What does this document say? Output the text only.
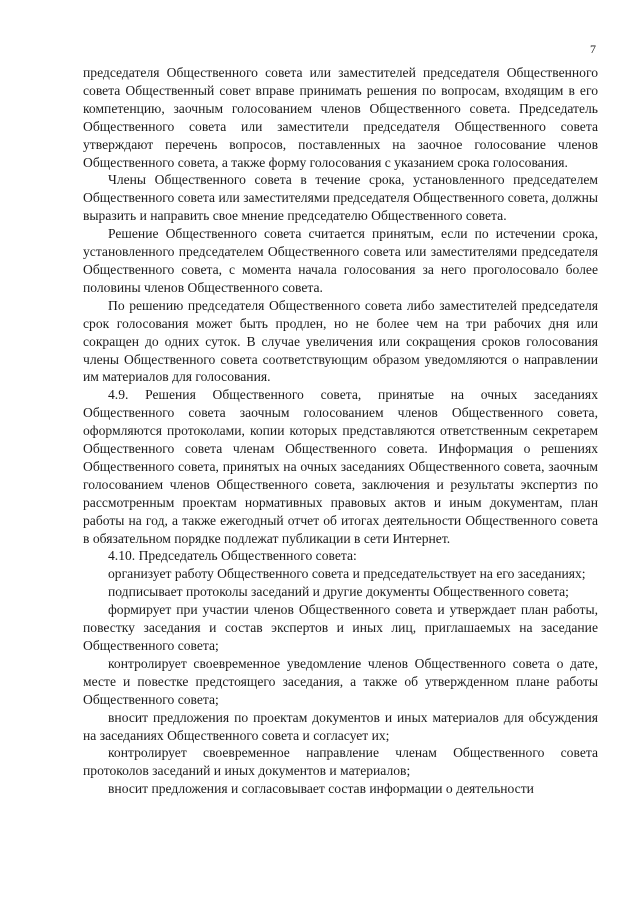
7

председателя Общественного совета или заместителей председателя Общественного совета Общественный совет вправе принимать решения по вопросам, входящим в его компетенцию, заочным голосованием членов Общественного совета. Председатель Общественного совета или заместители председателя Общественного совета утверждают перечень вопросов, поставленных на заочное голосование членов Общественного совета, а также форму голосования с указанием срока голосования.

Члены Общественного совета в течение срока, установленного председателем Общественного совета или заместителями председателя Общественного совета, должны выразить и направить свое мнение председателю Общественного совета.

Решение Общественного совета считается принятым, если по истечении срока, установленного председателем Общественного совета или заместителями председателя Общественного совета, с момента начала голосования за него проголосовало более половины членов Общественного совета.

По решению председателя Общественного совета либо заместителей председателя срок голосования может быть продлен, но не более чем на три рабочих дня или сокращен до одних суток. В случае увеличения или сокращения сроков голосования члены Общественного совета соответствующим образом уведомляются о направлении им материалов для голосования.

4.9. Решения Общественного совета, принятые на очных заседаниях Общественного совета заочным голосованием членов Общественного совета, оформляются протоколами, копии которых представляются ответственным секретарем Общественного совета членам Общественного совета. Информация о решениях Общественного совета, принятых на очных заседаниях Общественного совета, заочным голосованием членов Общественного совета, заключения и результаты экспертиз по рассмотренным проектам нормативных правовых актов и иным документам, план работы на год, а также ежегодный отчет об итогах деятельности Общественного совета в обязательном порядке подлежат публикации в сети Интернет.

4.10. Председатель Общественного совета:

организует работу Общественного совета и председательствует на его заседаниях;

подписывает протоколы заседаний и другие документы Общественного совета;

формирует при участии членов Общественного совета и утверждает план работы, повестку заседания и состав экспертов и иных лиц, приглашаемых на заседание Общественного совета;

контролирует своевременное уведомление членов Общественного совета о дате, месте и повестке предстоящего заседания, а также об утвержденном плане работы Общественного совета;

вносит предложения по проектам документов и иных материалов для обсуждения на заседаниях Общественного совета и согласует их;

контролирует своевременное направление членам Общественного совета протоколов заседаний и иных документов и материалов;

вносит предложения и согласовывает состав информации о деятельности
